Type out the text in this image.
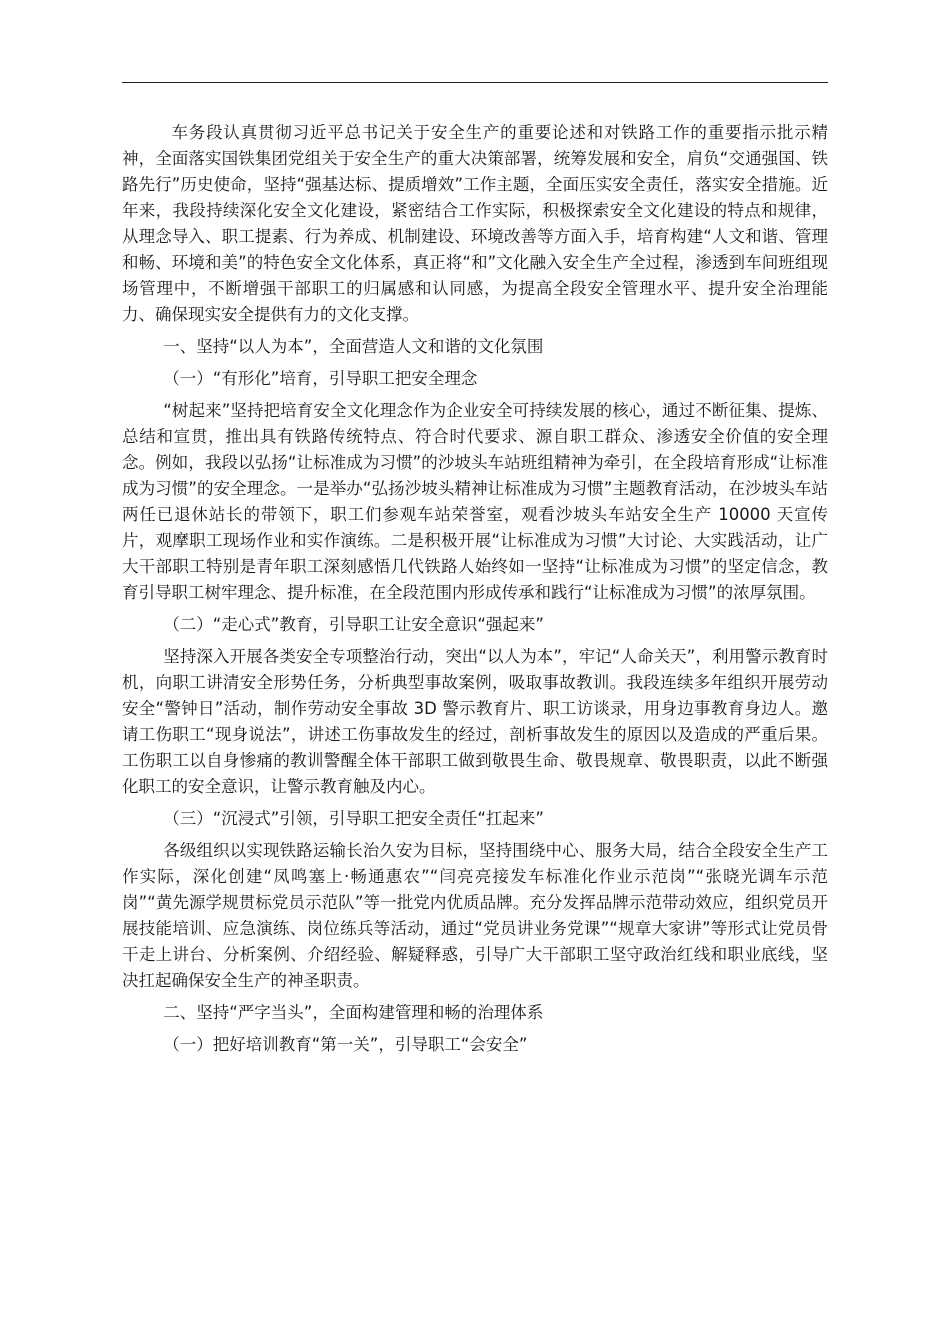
车务段认真贯彻习近平总书记关于安全生产的重要论述和对铁路工作的重要指示批示精神，全面落实国铁集团党组关于安全生产的重大决策部署，统筹发展和安全，肩负“交通强国、铁路先行”历史使命，坚持“强基达标、提质增效”工作主题，全面压实安全责任，落实安全措施。近年来，我段持续深化安全文化建设，紧密结合工作实际，积极探索安全文化建设的特点和规律，从理念导入、职工提素、行为养成、机制建设、环境改善等方面入手，培育构建“人文和谐、管理和畅、环境和美”的特色安全文化体系，真正将“和”文化融入安全生产全过程，渗透到车间班组现场管理中，不断增强干部职工的归属感和认同感，为提高全段安全管理水平、提升安全治理能力、确保现实安全提供有力的文化支撑。

一、坚持“以人为本”，全面营造人文和谐的文化氛围

（一）“有形化”培育，引导职工把安全理念

“树起来”坚持把培育安全文化理念作为企业安全可持续发展的核心，通过不断征集、提炼、总结和宣贯，推出具有铁路传统特点、符合时代要求、源自职工群众、渗透安全价值的安全理念。例如，我段以弘扬“让标准成为习惯”的沙坡头车站班组精神为牵引，在全段培育形成“让标准成为习惯”的安全理念。一是举办“弘扬沙坡头精神让标准成为习惯”主题教育活动，在沙坡头车站两任已退休站长的带领下，职工们参观车站荣誉室，观看沙坡头车站安全生产 10000 天宣传片，观摩职工现场作业和实作演练。二是积极开展“让标准成为习惯”大讨论、大实践活动，让广大干部职工特别是青年职工深刻感悟几代铁路人始终如一坚持“让标准成为习惯”的坚定信念，教育引导职工树牢理念、提升标准，在全段范围内形成传承和践行“让标准成为习惯”的浓厚氛围。

（二）“走心式”教育，引导职工让安全意识“强起来”

坚持深入开展各类安全专项整治行动，突出“以人为本”，牢记“人命关天”，利用警示教育时机，向职工讲清安全形势任务，分析典型事故案例，吸取事故教训。我段连续多年组织开展劳动安全“警钟日”活动，制作劳动安全事故 3D 警示教育片、职工访谈录，用身边事教育身边人。邀请工伤职工“现身说法”，讲述工伤事故发生的经过，剖析事故发生的原因以及造成的严重后果。工伤职工以自身惨痛的教训警醒全体干部职工做到敬畏生命、敬畏规章、敬畏职责，以此不断强化职工的安全意识，让警示教育触及内心。

（三）“沉浸式”引领，引导职工把安全责任“扛起来”

各级组织以实现铁路运输长治久安为目标，坚持围绕中心、服务大局，结合全段安全生产工作实际，深化创建“凤鸣塞上·畅通惠农”“闫亮亮接发车标准化作业示范岗”“张晓光调车示范岗”“黄先源学规贯标党员示范队”等一批党内优质品牌。充分发挥品牌示范带动效应，组织党员开展技能培训、应急演练、岗位练兵等活动，通过“党员讲业务党课”“规章大家讲”等形式让党员骨干走上讲台、分析案例、介绍经验、解疑释惑，引导广大干部职工坚守政治红线和职业底线，坚决扛起确保安全生产的神圣职责。

二、坚持“严字当头”，全面构建管理和畅的治理体系

（一）把好培训教育“第一关”，引导职工“会安全”
